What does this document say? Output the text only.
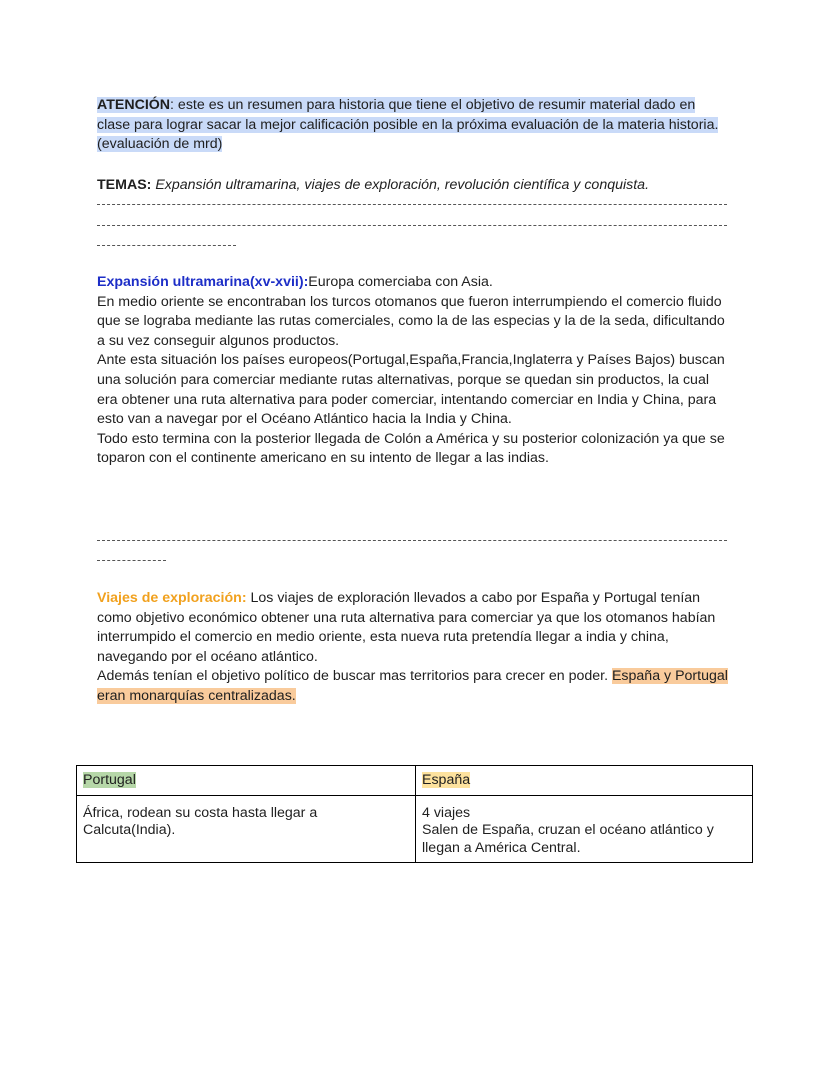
ATENCIÓN: este es un resumen para historia que tiene el objetivo de resumir material dado en clase para lograr sacar la mejor calificación posible en la próxima evaluación de la materia historia.(evaluación de mrd)
TEMAS: Expansión ultramarina, viajes de exploración, revolución científica y conquista.
Expansión ultramarina(xv-xvii):Europa comerciaba con Asia.
En medio oriente se encontraban los turcos otomanos que fueron interrumpiendo el comercio fluido que se lograba mediante las rutas comerciales, como la de las especias y la de la seda, dificultando a su vez conseguir algunos productos.
Ante esta situación los países europeos(Portugal,España,Francia,Inglaterra y Países Bajos) buscan una solución para comerciar mediante rutas alternativas, porque se quedan sin productos, la cual era obtener una ruta alternativa para poder comerciar, intentando comerciar en India y China, para esto van a navegar por el Océano Atlántico hacia la India y China.
Todo esto termina con la posterior llegada de Colón a América y su posterior colonización ya que se toparon con el continente americano en su intento de llegar a las indias.
Viajes de exploración: Los viajes de exploración llevados a cabo por España y Portugal tenían como objetivo económico obtener una ruta alternativa para comerciar ya que los otomanos habían interrumpido el comercio en medio oriente, esta nueva ruta pretendía llegar a india y china, navegando por el océano atlántico.
Además tenían el objetivo político de buscar mas territorios para crecer en poder. España y Portugal eran monarquías centralizadas.
Portugal	España
África, rodean su costa hasta llegar a Calcuta(India).	4 viajes
Salen de España, cruzan el océano atlántico y llegan a América Central.
